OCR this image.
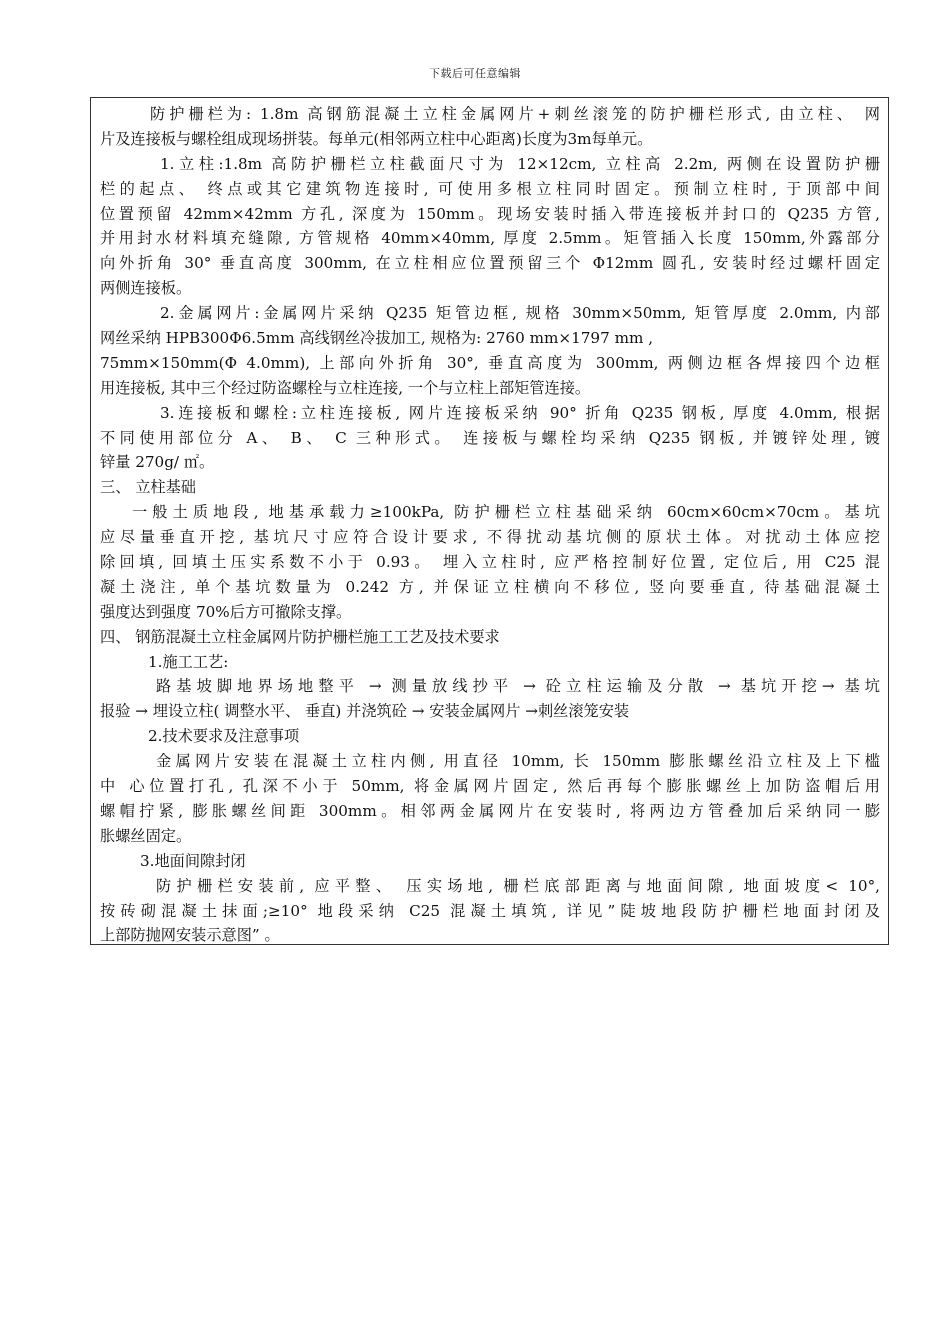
下载后可任意编辑
防护栅栏为: 1.8m 高钢筋混凝土立柱金属网片+刺丝滚笼的防护栅栏形式, 由立柱、 网
片及连接板与螺栓组成现场拼装。每单元(相邻两立柱中心距离)长度为3m每单元。
1.立柱:1.8m 高防护栅栏立柱截面尺寸为 12×12cm, 立柱高 2.2m, 两侧在设置防护栅
栏的起点、 终点或其它建筑物连接时, 可使用多根立柱同时固定。预制立柱时, 于顶部中间
位置预留 42mm×42mm 方孔, 深度为 150mm。现场安装时插入带连接板并封口的 Q235 方管,
并用封水材料填充缝隙, 方管规格 40mm×40mm, 厚度 2.5mm。矩管插入长度 150mm,外露部分
向外折角 30° 垂直高度 300mm, 在立柱相应位置预留三个 Φ12mm 圆孔, 安装时经过螺杆固定
两侧连接板。
2.金属网片:金属网片采纳 Q235 矩管边框, 规格 30mm×50mm, 矩管厚度 2.0mm, 内部
网丝采纳 HPB300Φ6.5mm 高线钢丝冷拔加工, 规格为: 2760 mm×1797 mm ,
75mm×150mm(Φ 4.0mm), 上部向外折角 30°, 垂直高度为 300mm, 两侧边框各焊接四个边框
用连接板, 其中三个经过防盗螺栓与立柱连接, 一个与立柱上部矩管连接。
3.连接板和螺栓:立柱连接板, 网片连接板采纳 90° 折角 Q235 钢板, 厚度 4.0mm, 根据
不同使用部位分 A、 B、 C 三种形式。 连接板与螺栓均采纳 Q235 钢板, 并镀锌处理, 镀
锌量 270g/ ㎡。
三、 立柱基础
一般土质地段, 地基承载力≥100kPa, 防护栅栏立柱基础采纳 60cm×60cm×70cm。基坑
应尽量垂直开挖, 基坑尺寸应符合设计要求, 不得扰动基坑侧的原状土体。对扰动土体应挖
除回填, 回填土压实系数不小于 0.93。 埋入立柱时, 应严格控制好位置, 定位后, 用 C25 混
凝土浇注, 单个基坑数量为 0.242 方, 并保证立柱横向不移位, 竖向要垂直, 待基础混凝土
强度达到强度 70%后方可撤除支撑。
四、 钢筋混凝土立柱金属网片防护栅栏施工工艺及技术要求
1.施工工艺:
路基坡脚地界场地整平 → 测量放线抄平 → 砼立柱运输及分散 → 基坑开挖→ 基坑
报验 → 埋设立柱( 调整水平、 垂直) 并浇筑砼 → 安装金属网片 →刺丝滚笼安装
2.技术要求及注意事项
金属网片安装在混凝土立柱内侧, 用直径 10mm, 长 150mm 膨胀螺丝沿立柱及上下槛
中 心位置打孔, 孔深不小于 50mm, 将金属网片固定, 然后再每个膨胀螺丝上加防盗帽后用
螺帽拧紧, 膨胀螺丝间距 300mm。相邻两金属网片在安装时, 将两边方管叠加后采纳同一膨
胀螺丝固定。
3.地面间隙封闭
防护栅栏安装前, 应平整、 压实场地, 栅栏底部距离与地面间隙, 地面坡度< 10°,
按砖砌混凝土抹面;≥10° 地段采纳 C25 混凝土填筑, 详见”陡坡地段防护栅栏地面封闭及
上部防抛网安装示意图” 。
